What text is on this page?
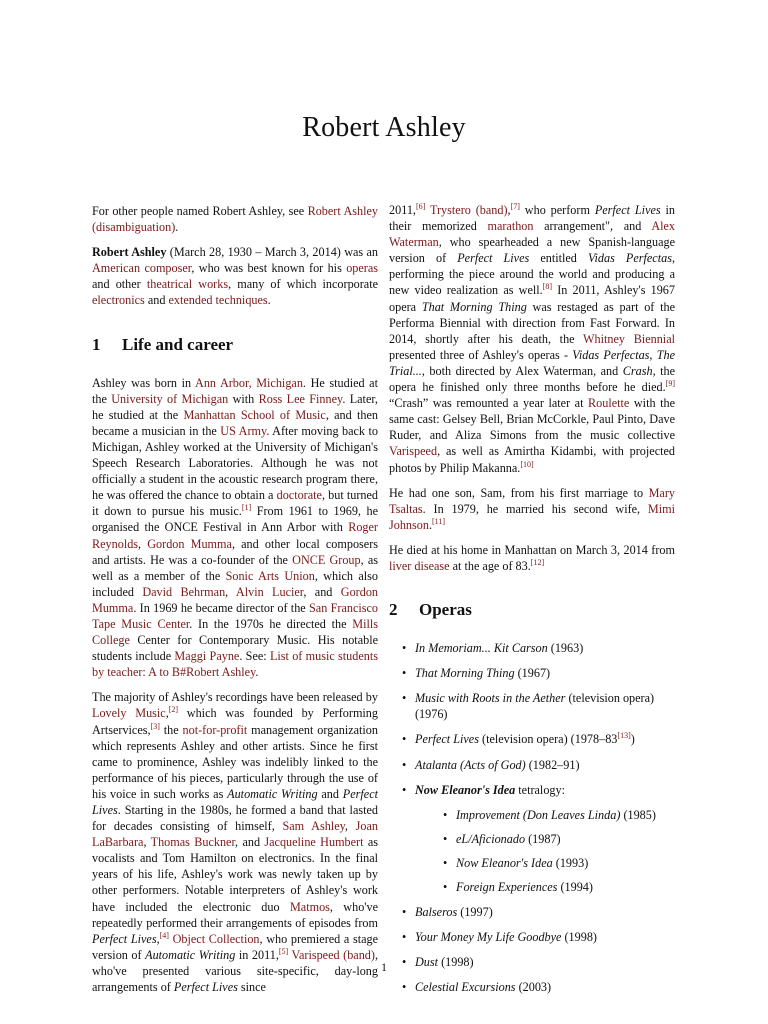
Robert Ashley

For other people named Robert Ashley, see Robert Ashley (disambiguation).

Robert Ashley (March 28, 1930 – March 3, 2014) was an American composer, who was best known for his operas and other theatrical works, many of which incorporate electronics and extended techniques.

1 Life and career

Ashley was born in Ann Arbor, Michigan. He studied at the University of Michigan with Ross Lee Finney. Later, he studied at the Manhattan School of Music, and then became a musician in the US Army. After moving back to Michigan, Ashley worked at the University of Michigan's Speech Research Laboratories. Although he was not officially a student in the acoustic research program there, he was offered the chance to obtain a doctorate, but turned it down to pursue his music.[1] From 1961 to 1969, he organised the ONCE Festival in Ann Arbor with Roger Reynolds, Gordon Mumma, and other local composers and artists. He was a co-founder of the ONCE Group, as well as a member of the Sonic Arts Union, which also included David Behrman, Alvin Lucier, and Gordon Mumma. In 1969 he became director of the San Francisco Tape Music Center. In the 1970s he directed the Mills College Center for Contemporary Music. His notable students include Maggi Payne. See: List of music students by teacher: A to B#Robert Ashley.

The majority of Ashley's recordings have been released by Lovely Music,[2] which was founded by Performing Artservices,[3] the not-for-profit management organization which represents Ashley and other artists. Since he first came to prominence, Ashley was indelibly linked to the performance of his pieces, particularly through the use of his voice in such works as Automatic Writing and Perfect Lives. Starting in the 1980s, he formed a band that lasted for decades consisting of himself, Sam Ashley, Joan LaBarbara, Thomas Buckner, and Jacqueline Humbert as vocalists and Tom Hamilton on electronics. In the final years of his life, Ashley's work was newly taken up by other performers. Notable interpreters of Ashley's work have included the electronic duo Matmos, who've repeatedly performed their arrangements of episodes from Perfect Lives,[4] Object Collection, who premiered a stage version of Automatic Writing in 2011,[5] Varispeed (band), who've presented various site-specific, day-long arrangements of Perfect Lives since

2011,[6] Trystero (band),[7] who perform Perfect Lives in their memorized marathon arrangement", and Alex Waterman, who spearheaded a new Spanish-language version of Perfect Lives entitled Vidas Perfectas, performing the piece around the world and producing a new video realization as well.[8] In 2011, Ashley's 1967 opera That Morning Thing was restaged as part of the Performa Biennial with direction from Fast Forward. In 2014, shortly after his death, the Whitney Biennial presented three of Ashley's operas - Vidas Perfectas, The Trial..., both directed by Alex Waterman, and Crash, the opera he finished only three months before he died.[9] “Crash” was remounted a year later at Roulette with the same cast: Gelsey Bell, Brian McCorkle, Paul Pinto, Dave Ruder, and Aliza Simons from the music collective Varispeed, as well as Amirtha Kidambi, with projected photos by Philip Makanna.[10]

He had one son, Sam, from his first marriage to Mary Tsaltas. In 1979, he married his second wife, Mimi Johnson.[11]

He died at his home in Manhattan on March 3, 2014 from liver disease at the age of 83.[12]

2 Operas
• In Memoriam... Kit Carson (1963)
• That Morning Thing (1967)
• Music with Roots in the Aether (television opera) (1976)
• Perfect Lives (television opera) (1978–83[13])
• Atalanta (Acts of God) (1982–91)
• Now Eleanor's Idea tetralogy:
• Improvement (Don Leaves Linda) (1985)
• eL/Aficionado (1987)
• Now Eleanor's Idea (1993)
• Foreign Experiences (1994)
• Balseros (1997)
• Your Money My Life Goodbye (1998)
• Dust (1998)
• Celestial Excursions (2003)
1
